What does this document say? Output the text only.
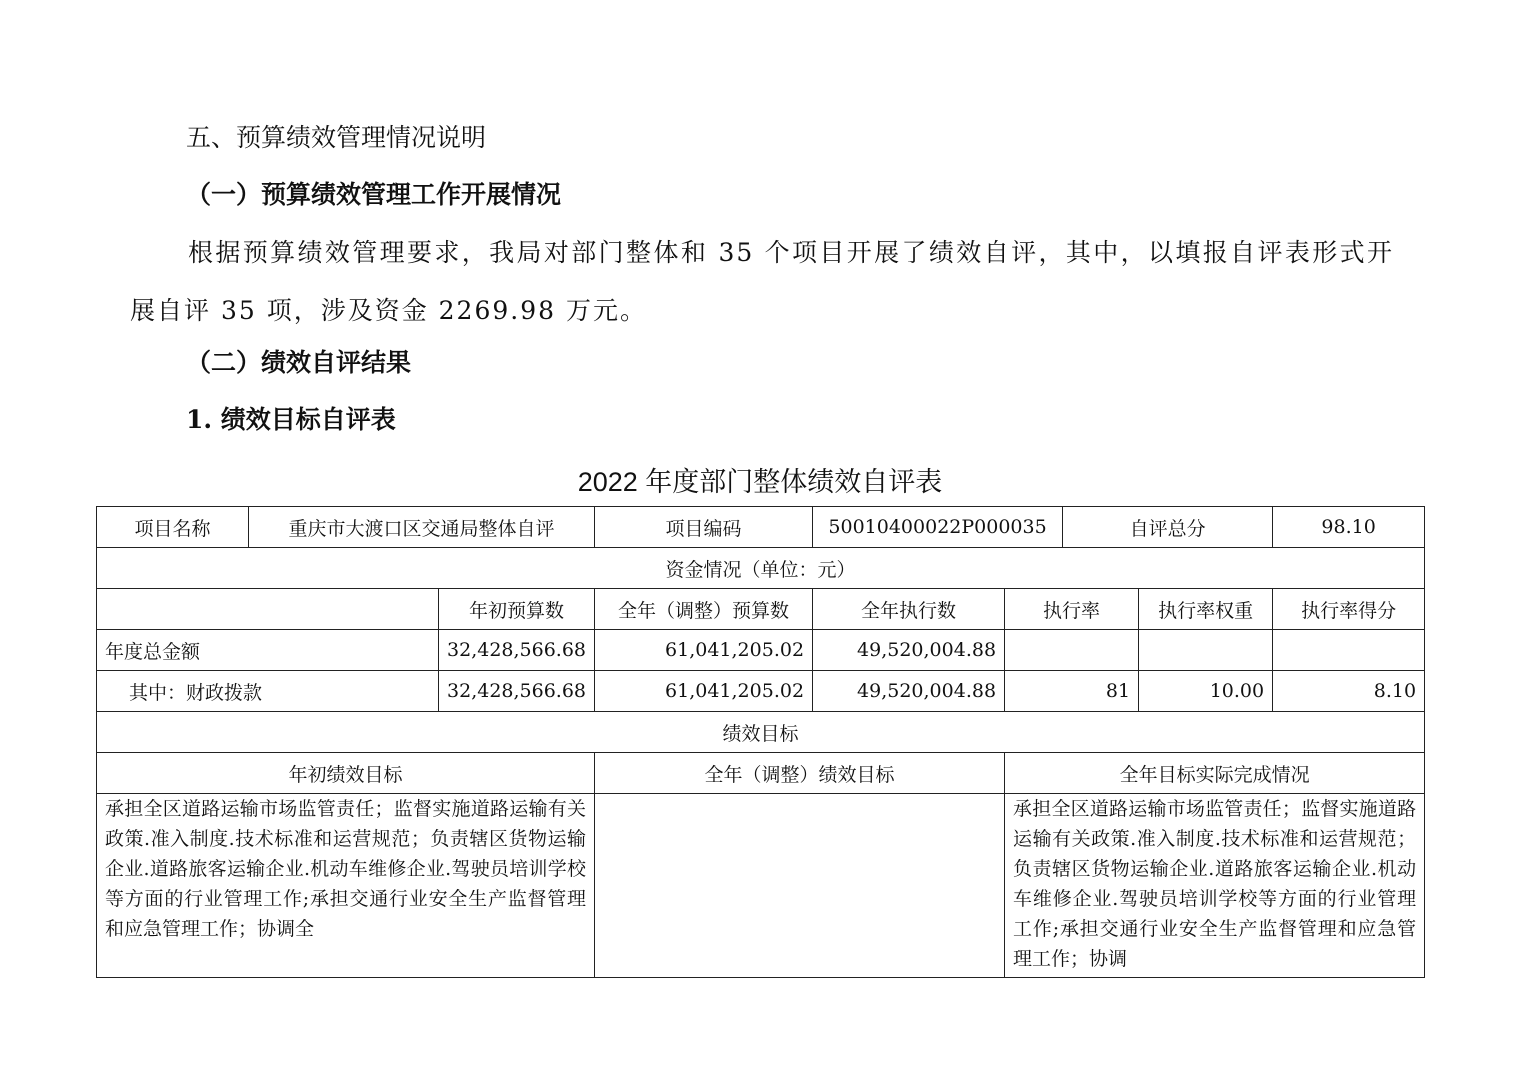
五、预算绩效管理情况说明
（一）预算绩效管理工作开展情况
根据预算绩效管理要求，我局对部门整体和 35 个项目开展了绩效自评，其中，以填报自评表形式开展自评 35 项，涉及资金 2269.98 万元。
（二）绩效自评结果
1. 绩效目标自评表
2022 年度部门整体绩效自评表
项目名称	重庆市大渡口区交通局整体自评		项目编码	50010400022P000035		自评总分		98.10
资金情况（单位：元）								
		年初预算数	全年（调整）预算数	全年执行数	执行率		执行率权重	执行率得分
年度总金额		32,428,566.68	61,041,205.02	49,520,004.88				
其中：财政拨款		32,428,566.68	61,041,205.02	49,520,004.88	81		10.00	8.10
绩效目标								
年初绩效目标			全年（调整）绩效目标		全年目标实际完成情况			
承担全区道路运输市场监管责任；监督实施道路运输有关政策.准入制度.技术标准和运营规范；负责辖区货物运输企业.道路旅客运输企业.机动车维修企业.驾驶员培训学校等方面的行业管理工作;承担交通行业安全生产监督管理和应急管理工作；协调全					承担全区道路运输市场监管责任；监督实施道路运输有关政策.准入制度.技术标准和运营规范；负责辖区货物运输企业.道路旅客运输企业.机动车维修企业.驾驶员培训学校等方面的行业管理工作;承担交通行业安全生产监督管理和应急管理工作；协调			
